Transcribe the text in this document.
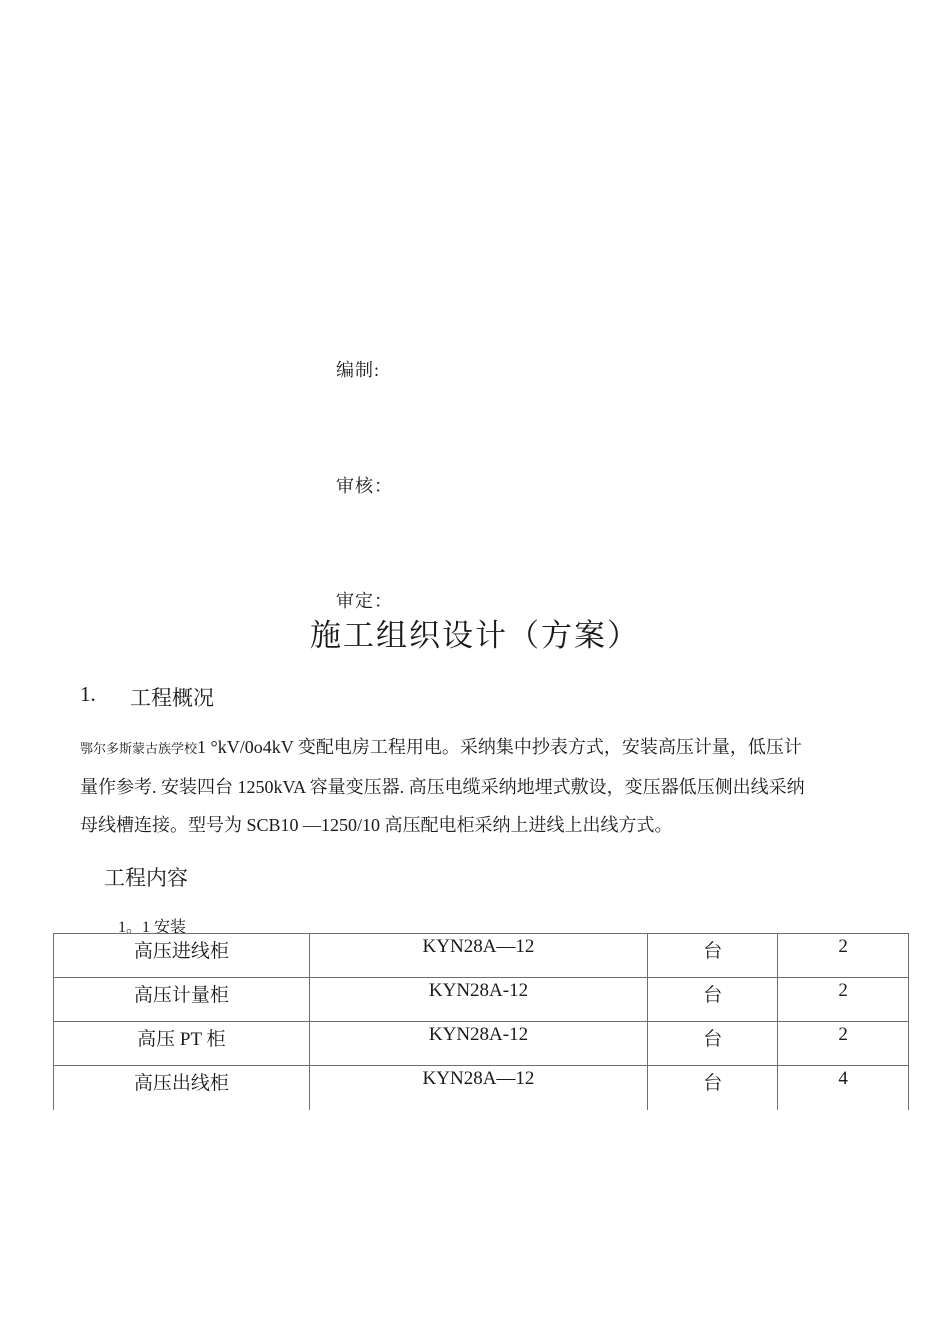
编制:
审核：
审定：
施工组织设计（方案）
1.	工程概况

鄂尔多斯蒙古族学校1 °kV/0o4kV 变配电房工程用电。采纳集中抄表方式，安装高压计量，低压计
量作参考. 安装四台 1250kVA 容量变压器. 高压电缆采纳地埋式敷设，变压器低压侧出线采纳
母线槽连接。型号为 SCB10 —1250/10 高压配电柜采纳上进线上出线方式。

工程内容
1。1 安装
高压进线柜	KYN28A—12	台	2
高压计量柜	KYN28A-12	台	2
高压 PT 柜	KYN28A-12	台	2
高压出线柜	KYN28A—12	台	4
